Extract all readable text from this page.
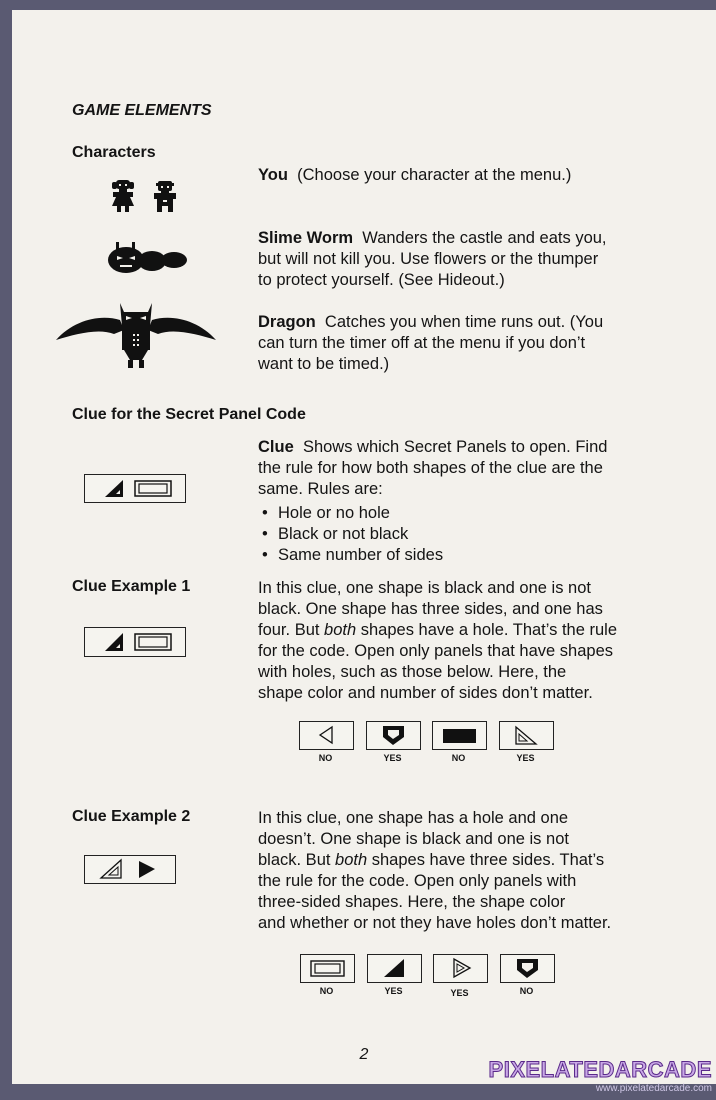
GAME ELEMENTS
Characters
You (Choose your character at the menu.)
Slime Worm Wanders the castle and eats you,
but will not kill you. Use flowers or the thumper
to protect yourself. (See Hideout.)
Dragon Catches you when time runs out. (You
can turn the timer off at the menu if you don’t
want to be timed.)
Clue for the Secret Panel Code
Clue Shows which Secret Panels to open. Find
the rule for how both shapes of the clue are the
same. Rules are:
• Hole or no hole
• Black or not black
• Same number of sides
Clue Example 1	In this clue, one shape is black and one is not
black. One shape has three sides, and one has
four. But both shapes have a hole. That’s the rule
for the code. Open only panels that have shapes
with holes, such as those below. Here, the
shape color and number of sides don’t matter.
NO	YES	NO	YES
Clue Example 2	In this clue, one shape has a hole and one
doesn’t. One shape is black and one is not
black. But both shapes have three sides. That’s
the rule for the code. Open only panels with
three-sided shapes. Here, the shape color
and whether or not they have holes don’t matter.
NO	YES	YES	NO
2
PIXELATEDARCADE
www.pixelatedarcade.com
